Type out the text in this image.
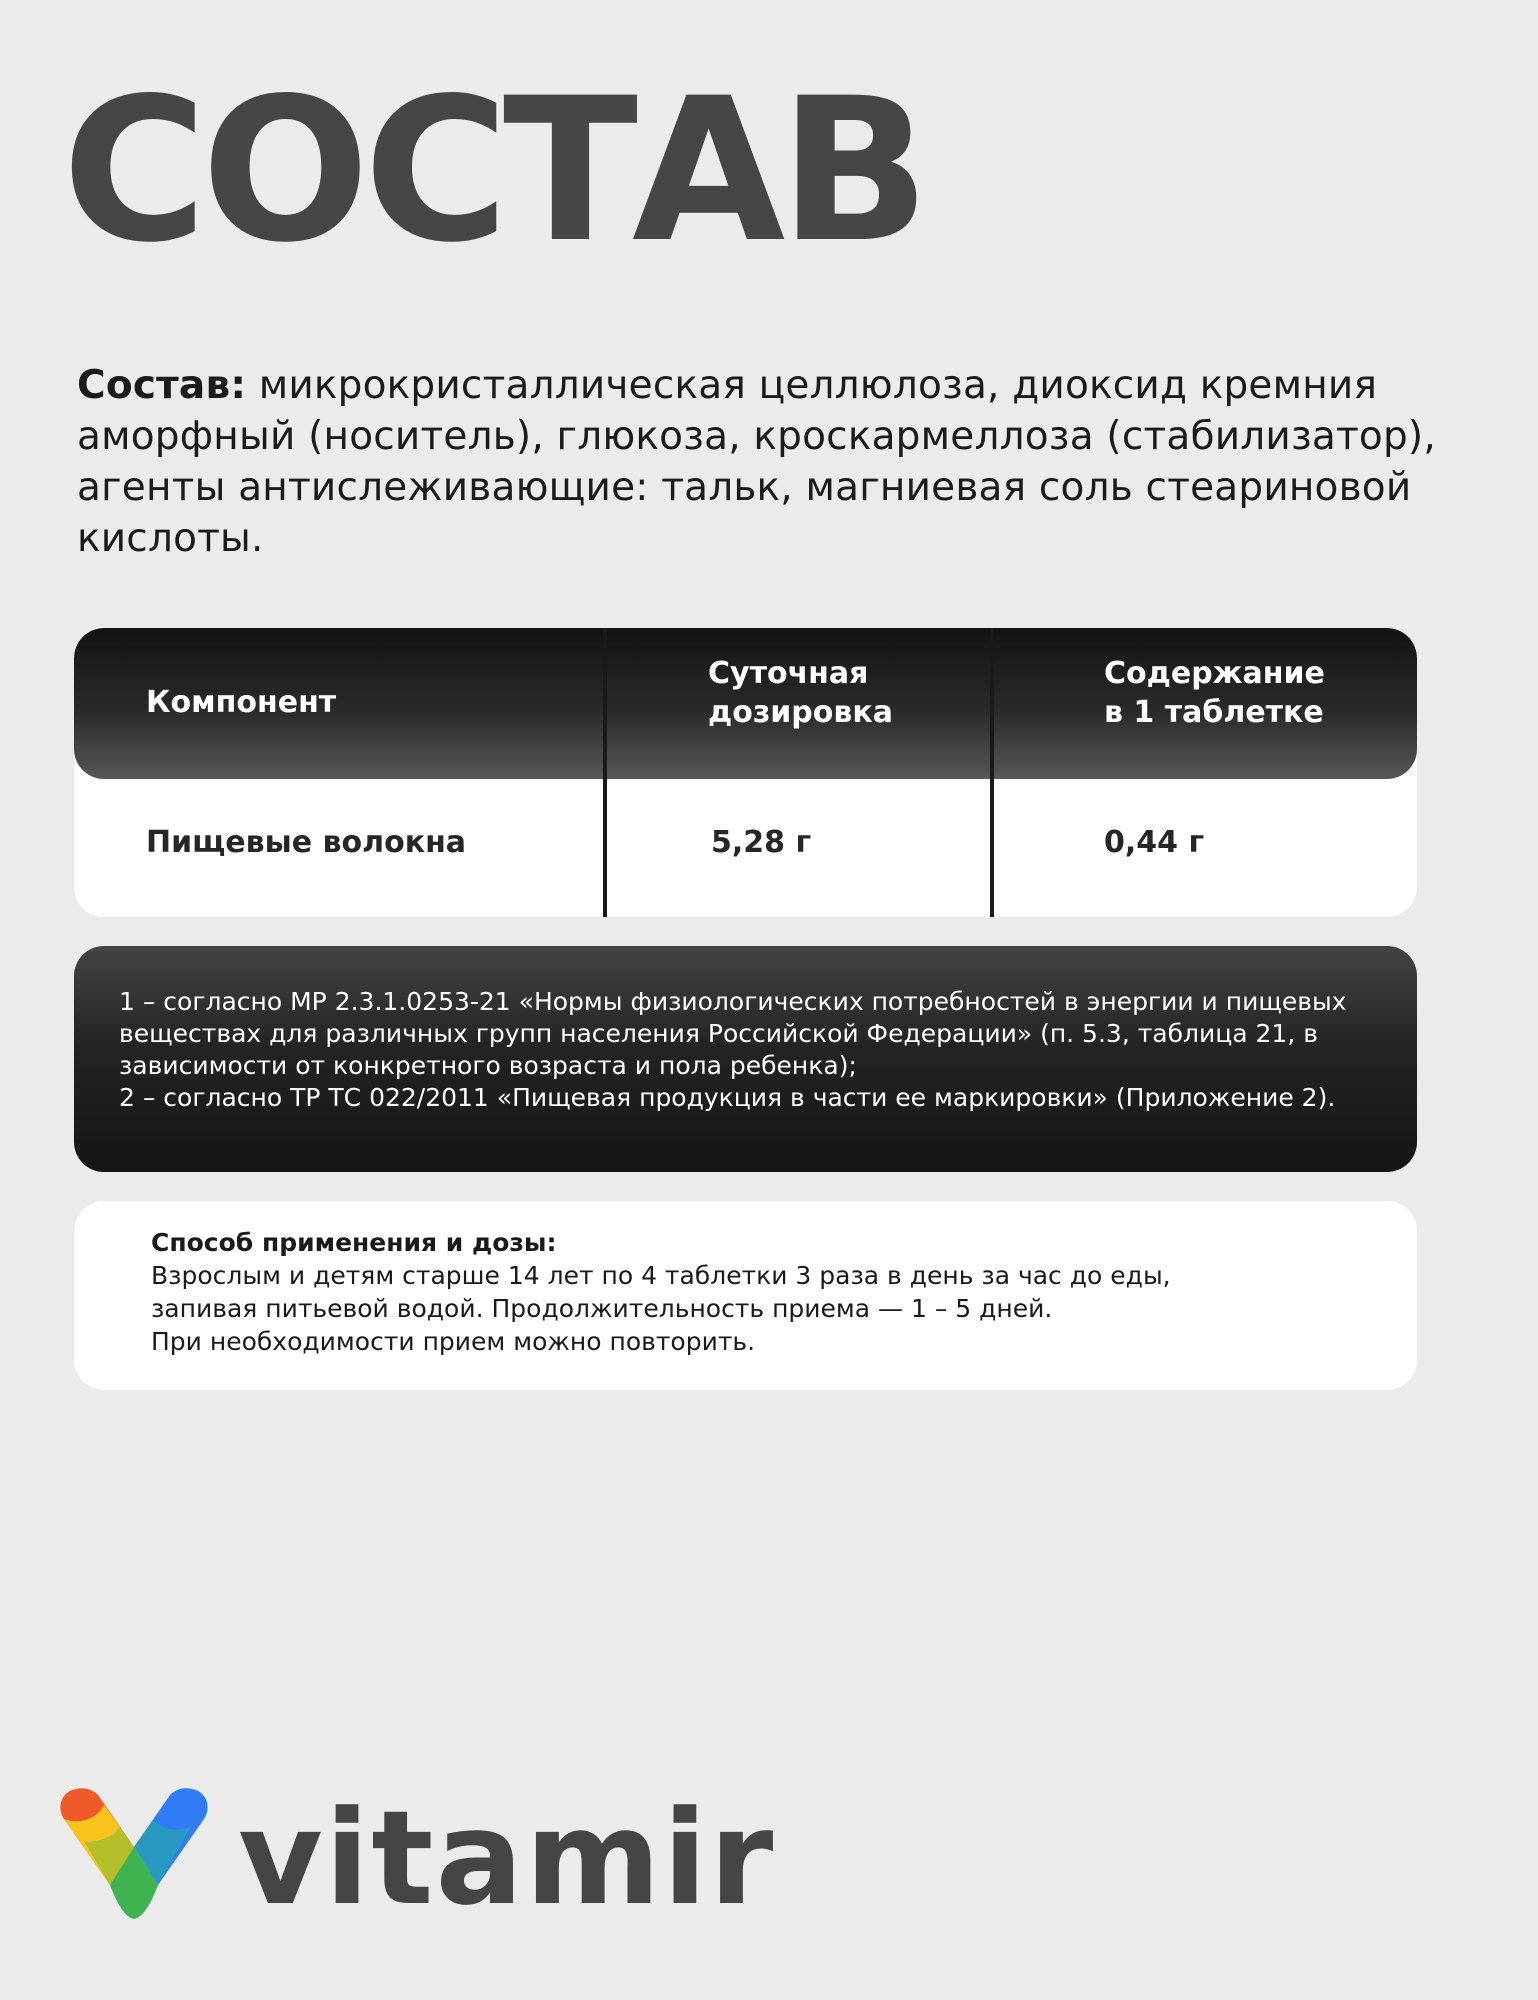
СОСТАВ

Состав: микрокристаллическая целлюлоза, диоксид кремния аморфный (носитель), глюкоза, кроскармеллоза (стабилизатор), агенты антислеживающие: тальк, магниевая соль стеариновой кислоты.

Компонент
Суточная
дозировка
Содержание
в 1 таблетке
Пищевые волокна	5,28 г	0,44 г
1 – согласно МР 2.3.1.0253-21 «Нормы физиологических потребностей в энергии и пищевых
веществах для различных групп населения Российской Федерации» (п. 5.3, таблица 21, в
зависимости от конкретного возраста и пола ребенка);
2 – согласно ТР ТС 022/2011 «Пищевая продукция в части ее маркировки» (Приложение 2).
Способ применения и дозы:
Взрослым и детям старше 14 лет по 4 таблетки 3 раза в день за час до еды,
запивая питьевой водой. Продолжительность приема — 1 – 5 дней.
При необходимости прием можно повторить.
vitamir
